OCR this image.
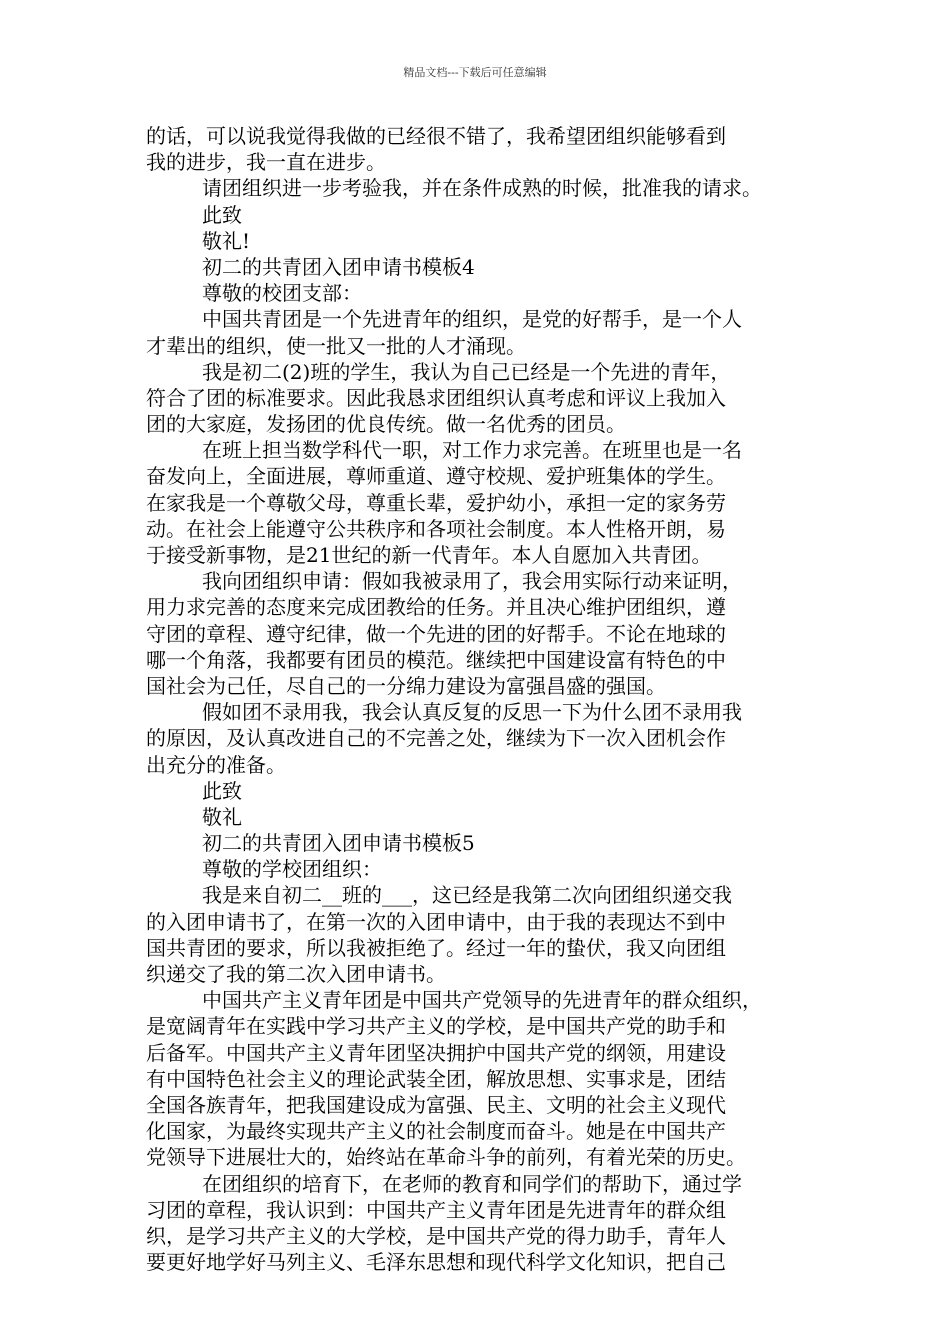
精品文档---下载后可任意编辑
的话，可以说我觉得我做的已经很不错了，我希望团组织能够看到
我的进步，我一直在进步。
请团组织进一步考验我，并在条件成熟的时候，批准我的请求。
此致
敬礼!
初二的共青团入团申请书模板4
尊敬的校团支部：
中国共青团是一个先进青年的组织，是党的好帮手，是一个人
才辈出的组织，使一批又一批的人才涌现。
我是初二(2)班的学生，我认为自己已经是一个先进的青年，
符合了团的标准要求。因此我恳求团组织认真考虑和评议上我加入
团的大家庭，发扬团的优良传统。做一名优秀的团员。
在班上担当数学科代一职，对工作力求完善。在班里也是一名
奋发向上，全面进展，尊师重道、遵守校规、爱护班集体的学生。
在家我是一个尊敬父母，尊重长辈，爱护幼小，承担一定的家务劳
动。在社会上能遵守公共秩序和各项社会制度。本人性格开朗，易
于接受新事物，是21世纪的新一代青年。本人自愿加入共青团。
我向团组织申请：假如我被录用了，我会用实际行动来证明，
用力求完善的态度来完成团教给的任务。并且决心维护团组织，遵
守团的章程、遵守纪律，做一个先进的团的好帮手。不论在地球的
哪一个角落，我都要有团员的模范。继续把中国建设富有特色的中
国社会为己任，尽自己的一分绵力建设为富强昌盛的强国。
假如团不录用我，我会认真反复的反思一下为什么团不录用我
的原因，及认真改进自己的不完善之处，继续为下一次入团机会作
出充分的准备。
此致
敬礼
初二的共青团入团申请书模板5
尊敬的学校团组织：
我是来自初二__班的___，这已经是我第二次向团组织递交我
的入团申请书了，在第一次的入团申请中，由于我的表现达不到中
国共青团的要求，所以我被拒绝了。经过一年的蛰伏，我又向团组
织递交了我的第二次入团申请书。
中国共产主义青年团是中国共产党领导的先进青年的群众组织，
是宽阔青年在实践中学习共产主义的学校，是中国共产党的助手和
后备军。中国共产主义青年团坚决拥护中国共产党的纲领，用建设
有中国特色社会主义的理论武装全团，解放思想、实事求是，团结
全国各族青年，把我国建设成为富强、民主、文明的社会主义现代
化国家，为最终实现共产主义的社会制度而奋斗。她是在中国共产
党领导下进展壮大的，始终站在革命斗争的前列，有着光荣的历史。
在团组织的培育下，在老师的教育和同学们的帮助下，通过学
习团的章程，我认识到：中国共产主义青年团是先进青年的群众组
织，是学习共产主义的大学校，是中国共产党的得力助手，青年人
要更好地学好马列主义、毛泽东思想和现代科学文化知识，把自己
